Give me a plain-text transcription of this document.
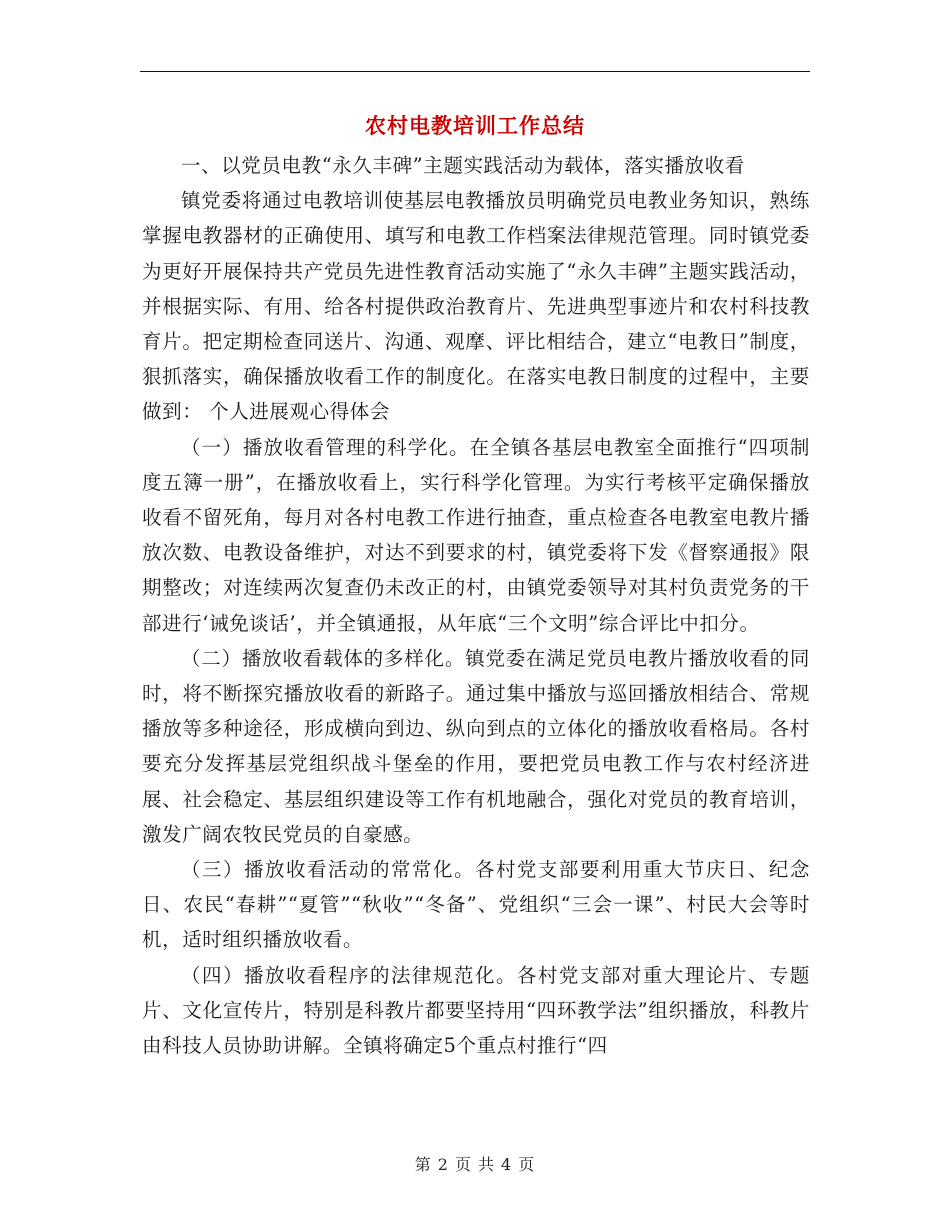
农村电教培训工作总结

一、以党员电教“永久丰碑”主题实践活动为载体，落实播放收看

镇党委将通过电教培训使基层电教播放员明确党员电教业务知识，熟练掌握电教器材的正确使用、填写和电教工作档案法律规范管理。同时镇党委为更好开展保持共产党员先进性教育活动实施了“永久丰碑”主题实践活动，并根据实际、有用、给各村提供政治教育片、先进典型事迹片和农村科技教育片。把定期检查同送片、沟通、观摩、评比相结合，建立“电教日”制度，狠抓落实，确保播放收看工作的制度化。在落实电教日制度的过程中，主要做到： 个人进展观心得体会

（一）播放收看管理的科学化。在全镇各基层电教室全面推行“四项制度五簿一册”，在播放收看上，实行科学化管理。为实行考核平定确保播放收看不留死角，每月对各村电教工作进行抽查，重点检查各电教室电教片播放次数、电教设备维护，对达不到要求的村，镇党委将下发《督察通报》限期整改；对连续两次复查仍未改正的村，由镇党委领导对其村负责党务的干部进行‘诫免谈话’，并全镇通报，从年底“三个文明”综合评比中扣分。

（二）播放收看载体的多样化。镇党委在满足党员电教片播放收看的同时，将不断探究播放收看的新路子。通过集中播放与巡回播放相结合、常规播放等多种途径，形成横向到边、纵向到点的立体化的播放收看格局。各村要充分发挥基层党组织战斗堡垒的作用，要把党员电教工作与农村经济进展、社会稳定、基层组织建设等工作有机地融合，强化对党员的教育培训，激发广阔农牧民党员的自豪感。

（三）播放收看活动的常常化。各村党支部要利用重大节庆日、纪念日、农民“春耕”“夏管”“秋收”“冬备”、党组织“三会一课”、村民大会等时机，适时组织播放收看。

（四）播放收看程序的法律规范化。各村党支部对重大理论片、专题片、文化宣传片，特别是科教片都要坚持用“四环教学法”组织播放，科教片由科技人员协助讲解。全镇将确定5个重点村推行“四

第 2 页 共 4 页
